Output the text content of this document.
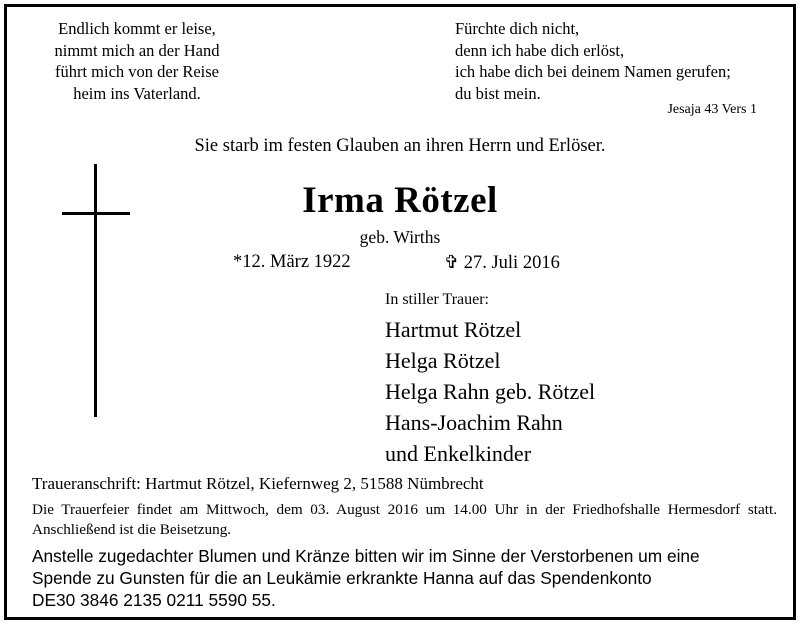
Endlich kommt er leise,
nimmt mich an der Hand
führt mich von der Reise
heim ins Vaterland.
Fürchte dich nicht,
denn ich habe dich erlöst,
ich habe dich bei deinem Namen gerufen;
du bist mein.
Jesaja 43 Vers 1
Sie starb im festen Glauben an ihren Herrn und Erlöser.
Irma Rötzel
geb. Wirths
*12. März 1922	✞ 27. Juli 2016
In stiller Trauer:
Hartmut Rötzel
Helga Rötzel
Helga Rahn geb. Rötzel
Hans-Joachim Rahn
und Enkelkinder
Traueranschrift: Hartmut Rötzel, Kiefernweg 2, 51588 Nümbrecht
Die Trauerfeier findet am Mittwoch, dem 03. August 2016 um 14.00 Uhr in der Friedhofshalle Hermesdorf statt. Anschließend ist die Beisetzung.
Anstelle zugedachter Blumen und Kränze bitten wir im Sinne der Verstorbenen um eine
Spende zu Gunsten für die an Leukämie erkrankte Hanna auf das Spendenkonto
DE30 3846 2135 0211 5590 55.
